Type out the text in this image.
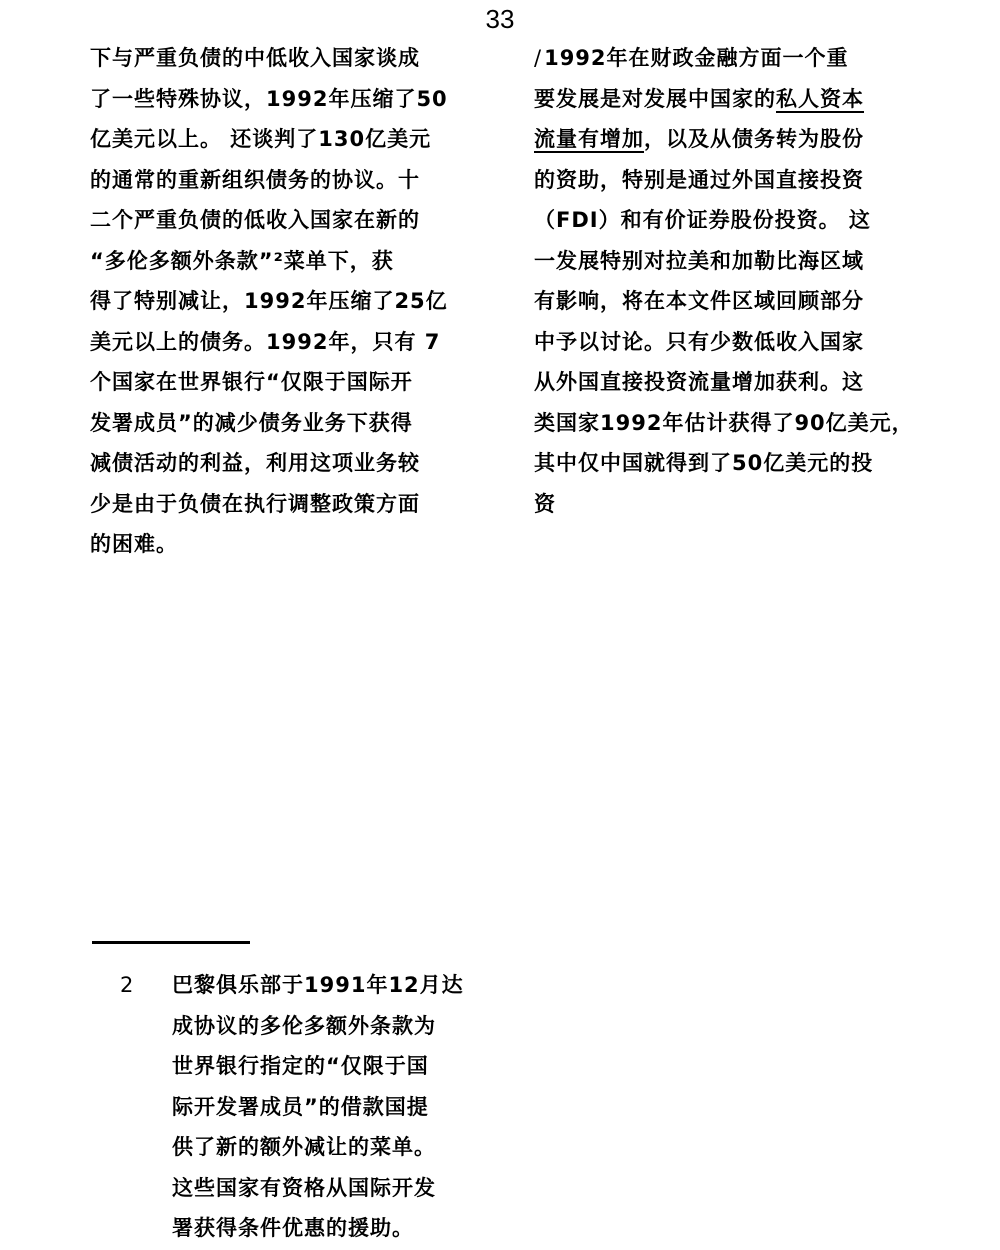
33
下与严重负债的中低收入国家谈成
了一些特殊协议，1992年压缩了50
亿美元以上。 还谈判了130亿美元
的通常的重新组织债务的协议。十
二个严重负债的低收入国家在新的
“多伦多额外条款”²菜单下，获
得了特别减让，1992年压缩了25亿
美元以上的债务。1992年，只有 7
个国家在世界银行“仅限于国际开
发署成员”的减少债务业务下获得
减债活动的利益，利用这项业务较
少是由于负债在执行调整政策方面
的困难。
/1992年在财政金融方面一个重
要发展是对发展中国家的私人资本
流量有增加，以及从债务转为股份
的资助，特别是通过外国直接投资
（FDI）和有价证券股份投资。 这
一发展特别对拉美和加勒比海区域
有影响，将在本文件区域回顾部分
中予以讨论。只有少数低收入国家
从外国直接投资流量增加获利。这
类国家1992年估计获得了90亿美元，
其中仅中国就得到了50亿美元的投
资
2 巴黎俱乐部于1991年12月达
成协议的多伦多额外条款为
世界银行指定的“仅限于国
际开发署成员”的借款国提
供了新的额外减让的菜单。
这些国家有资格从国际开发
署获得条件优惠的援助。
